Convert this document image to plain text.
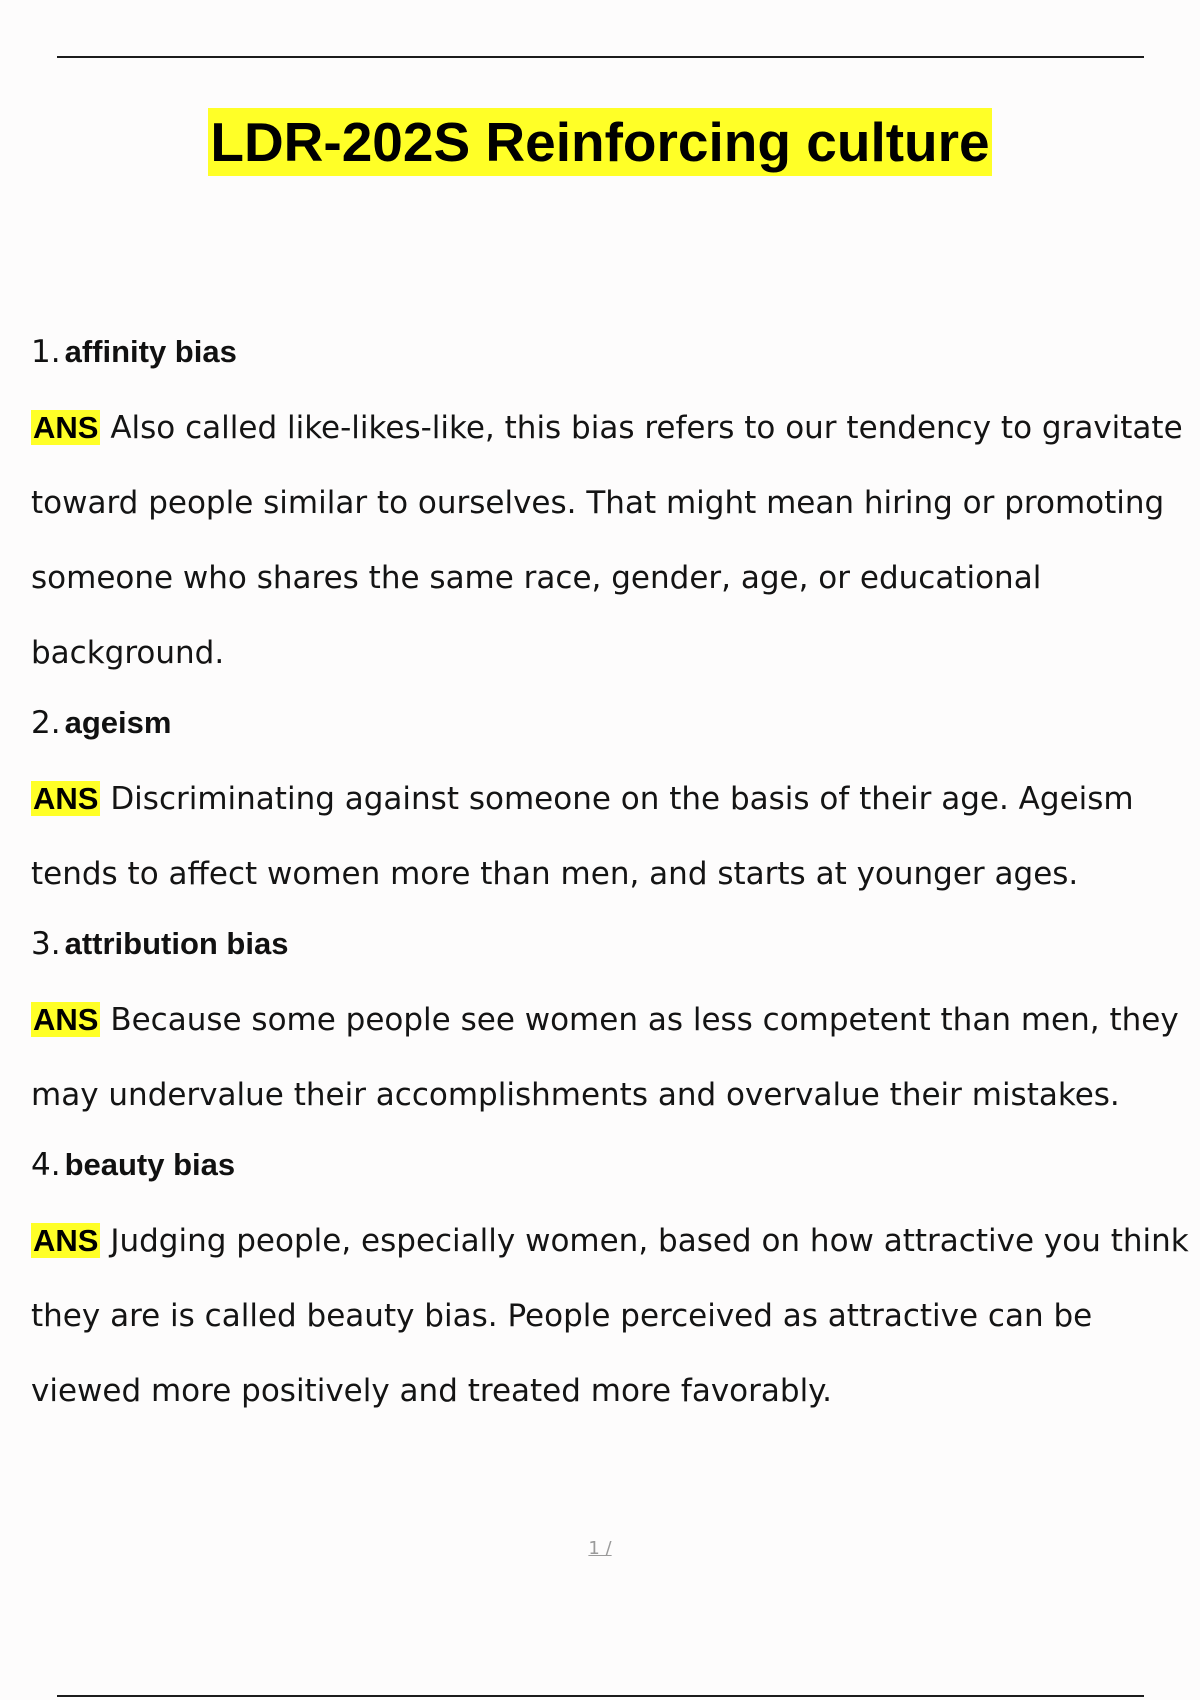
LDR-202S Reinforcing culture
1. affinity bias

ANS Also called like-likes-like, this bias refers to our tendency to gravitate toward people similar to ourselves. That might mean hiring or promoting someone who shares the same race, gender, age, or educational background.

2. ageism

ANS Discriminating against someone on the basis of their age. Ageism tends to affect women more than men, and starts at younger ages.

3. attribution bias

ANS Because some people see women as less competent than men, they may undervalue their accomplishments and overvalue their mistakes.

4. beauty bias

ANS Judging people, especially women, based on how attractive you think they are is called beauty bias. People perceived as attractive can be viewed more positively and treated more favorably.

1 /
